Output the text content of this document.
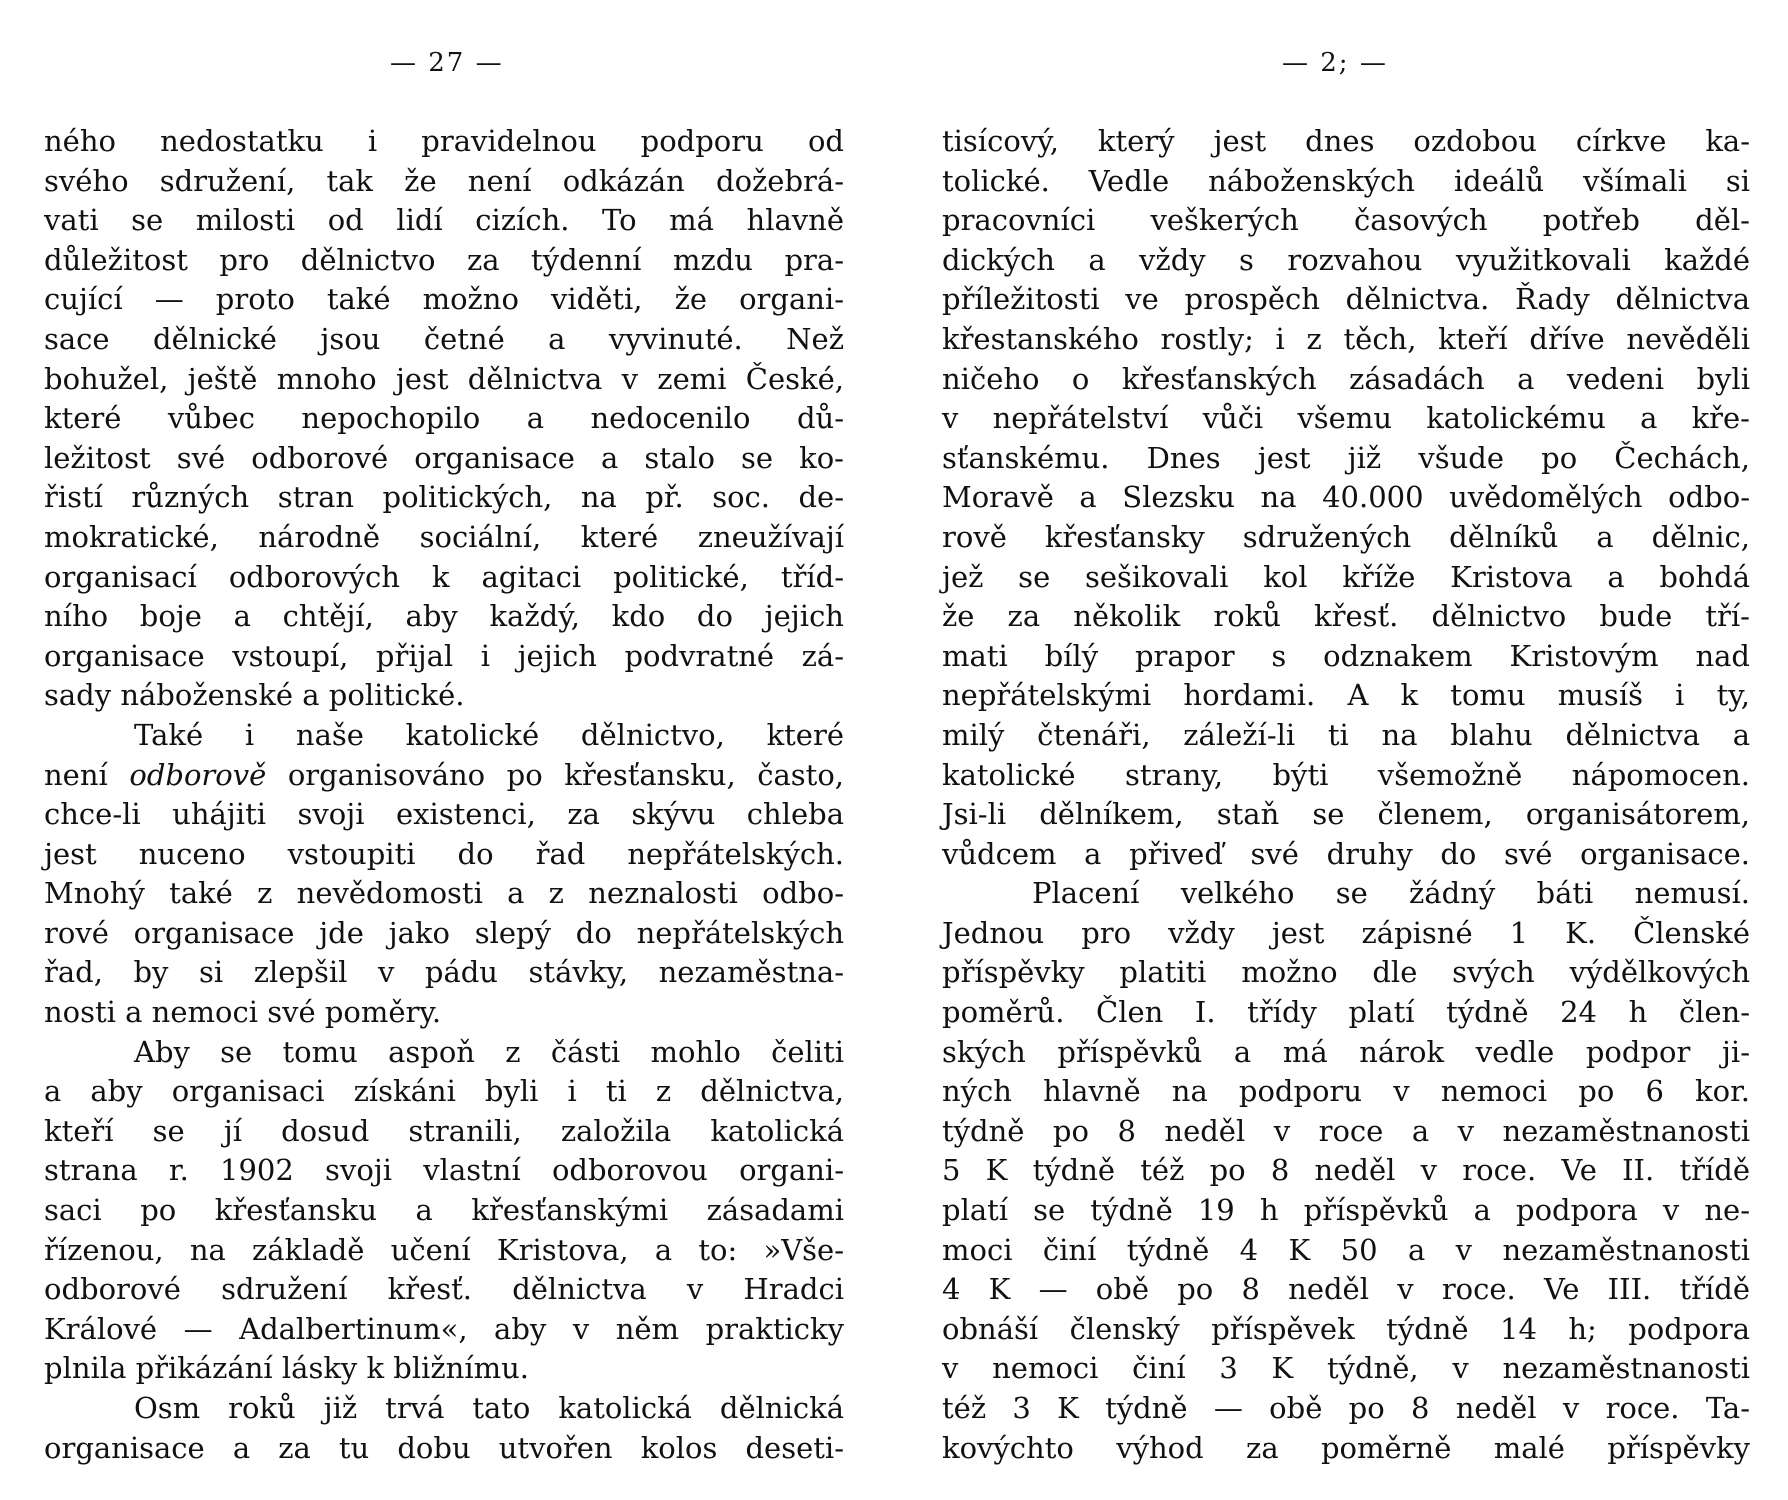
— 27 —
ného nedostatku i pravidelnou podporu od
svého sdružení, tak že není odkázán dožebrá-
vati se milosti od lidí cizích. To má hlavně
důležitost pro dělnictvo za týdenní mzdu pra-
cující — proto také možno viděti, že organi-
sace dělnické jsou četné a vyvinuté. Než
bohužel, ještě mnoho jest dělnictva v zemi České,
které vůbec nepochopilo a nedocenilo dů-
ležitost své odborové organisace a stalo se ko-
řistí různých stran politických, na př. soc. de-
mokratické, národně sociální, které zneužívají
organisací odborových k agitaci politické, tříd-
ního boje a chtějí, aby každý, kdo do jejich
organisace vstoupí, přijal i jejich podvratné zá-
sady náboženské a politické.
Také i naše katolické dělnictvo, které
není odborově organisováno po křesťansku, často,
chce-li uhájiti svoji existenci, za skývu chleba
jest nuceno vstoupiti do řad nepřátelských.
Mnohý také z nevědomosti a z neznalosti odbo-
rové organisace jde jako slepý do nepřátelských
řad, by si zlepšil v pádu stávky, nezaměstna-
nosti a nemoci své poměry.
Aby se tomu aspoň z části mohlo čeliti
a aby organisaci získáni byli i ti z dělnictva,
kteří se jí dosud stranili, založila katolická
strana r. 1902 svoji vlastní odborovou organi-
saci po křesťansku a křesťanskými zásadami
řízenou, na základě učení Kristova, a to: »Vše-
odborové sdružení křesť. dělnictva v Hradci
Králové — Adalbertinum«, aby v něm prakticky
plnila přikázání lásky k bližnímu.
Osm roků již trvá tato katolická dělnická
organisace a za tu dobu utvořen kolos deseti-
— 2; —
tisícový, který jest dnes ozdobou církve ka-
tolické. Vedle náboženských ideálů všímali si
pracovníci veškerých časových potřeb děl-
dických a vždy s rozvahou využitkovali každé
příležitosti ve prospěch dělnictva. Řady dělnictva
křestanského rostly; i z těch, kteří dříve nevěděli
ničeho o křesťanských zásadách a vedeni byli
v nepřátelství vůči všemu katolickému a kře-
sťanskému. Dnes jest již všude po Čechách,
Moravě a Slezsku na 40.000 uvědomělých odbo-
rově křesťansky sdružených dělníků a dělnic,
jež se sešikovali kol kříže Kristova a bohdá
že za několik roků křesť. dělnictvo bude tří-
mati bílý prapor s odznakem Kristovým nad
nepřátelskými hordami. A k tomu musíš i ty,
milý čtenáři, záleží-li ti na blahu dělnictva a
katolické strany, býti všemožně nápomocen.
Jsi-li dělníkem, staň se členem, organisátorem,
vůdcem a přiveď své druhy do své organisace.
Placení velkého se žádný báti nemusí.
Jednou pro vždy jest zápisné 1 K. Členské
příspěvky platiti možno dle svých výdělkových
poměrů. Člen I. třídy platí týdně 24 h člen-
ských příspěvků a má nárok vedle podpor ji-
ných hlavně na podporu v nemoci po 6 kor.
týdně po 8 neděl v roce a v nezaměstnanosti
5 K týdně též po 8 neděl v roce. Ve II. třídě
platí se týdně 19 h příspěvků a podpora v ne-
moci činí týdně 4 K 50 a v nezaměstnanosti
4 K — obě po 8 neděl v roce. Ve III. třídě
obnáší členský příspěvek týdně 14 h; podpora
v nemoci činí 3 K týdně, v nezaměstnanosti
též 3 K týdně — obě po 8 neděl v roce. Ta-
kovýchto výhod za poměrně malé příspěvky
